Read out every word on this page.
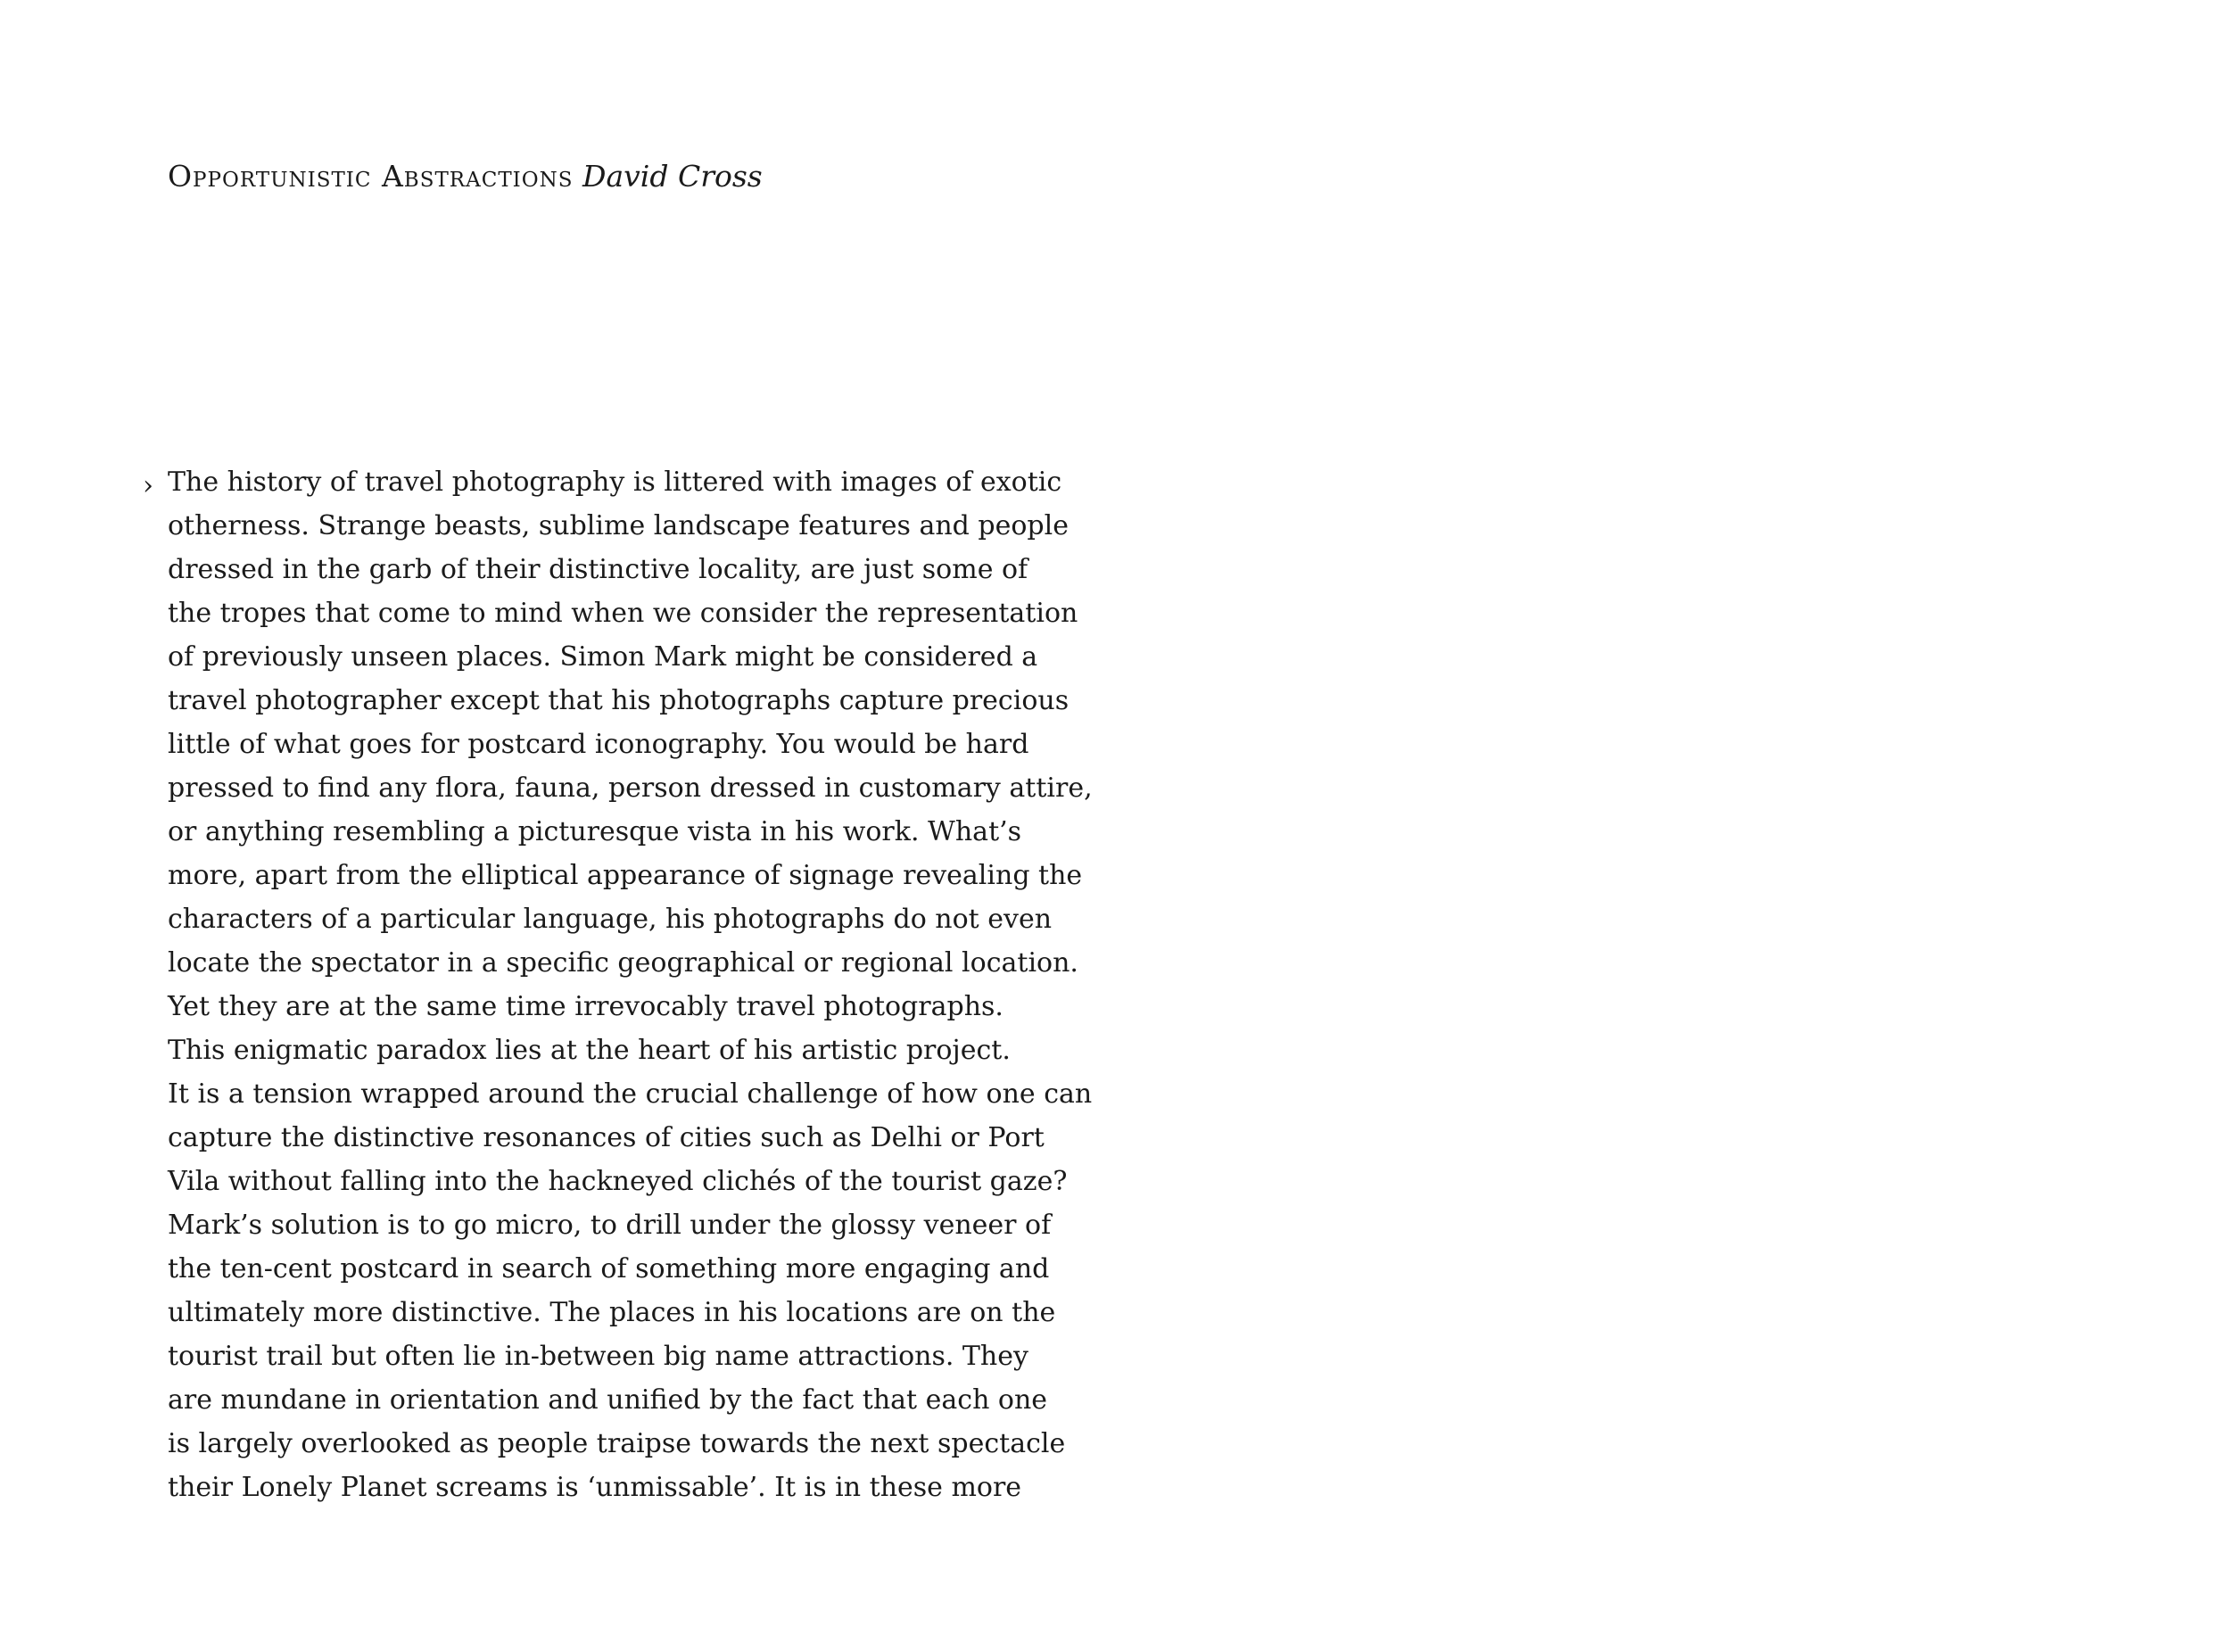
Opportunistic Abstractions David Cross
› The history of travel photography is littered with images of exotic
otherness. Strange beasts, sublime landscape features and people
dressed in the garb of their distinctive locality, are just some of
the tropes that come to mind when we consider the representation
of previously unseen places. Simon Mark might be considered a
travel photographer except that his photographs capture precious
little of what goes for postcard iconography. You would be hard
pressed to find any flora, fauna, person dressed in customary attire,
or anything resembling a picturesque vista in his work. What’s
more, apart from the elliptical appearance of signage revealing the
characters of a particular language, his photographs do not even
locate the spectator in a specific geographical or regional location.
Yet they are at the same time irrevocably travel photographs.
This enigmatic paradox lies at the heart of his artistic project.
It is a tension wrapped around the crucial challenge of how one can
capture the distinctive resonances of cities such as Delhi or Port
Vila without falling into the hackneyed clichés of the tourist gaze?
Mark’s solution is to go micro, to drill under the glossy veneer of
the ten-cent postcard in search of something more engaging and
ultimately more distinctive. The places in his locations are on the
tourist trail but often lie in-between big name attractions. They
are mundane in orientation and unified by the fact that each one
is largely overlooked as people traipse towards the next spectacle
their Lonely Planet screams is ‘unmissable’. It is in these more
